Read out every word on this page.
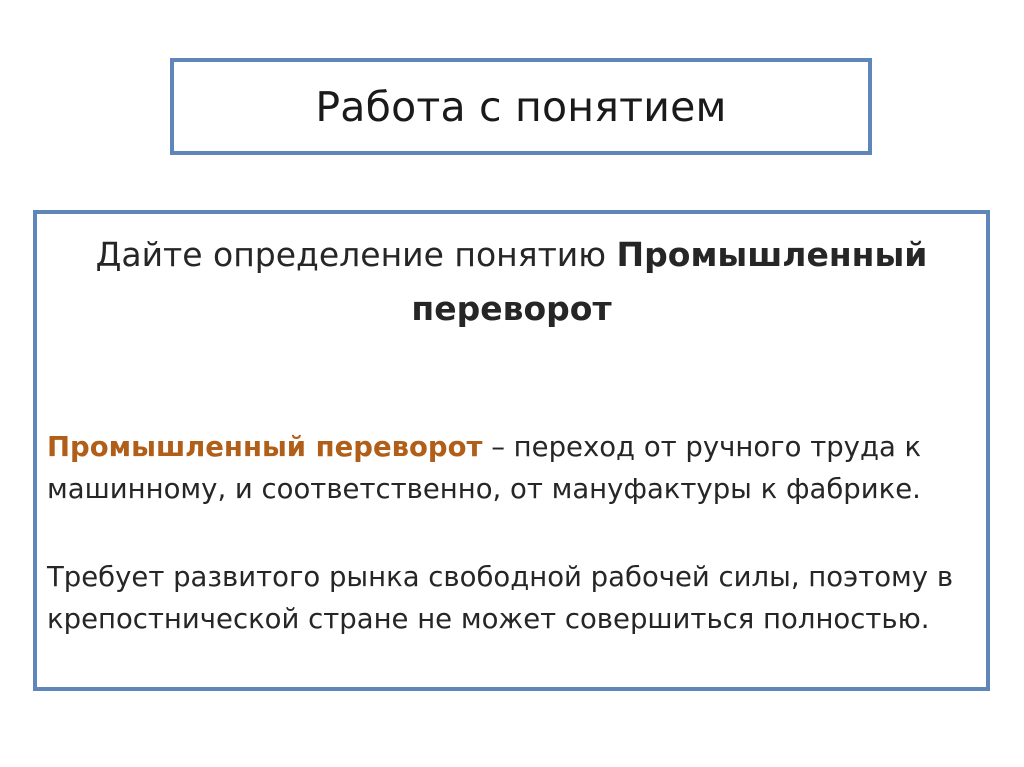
Работа с понятием
Дайте определение понятию Промышленный
переворот

Промышленный переворот – переход от ручного труда к машинному, и соответственно, от мануфактуры к фабрике.

Требует развитого рынка свободной рабочей силы, поэтому в крепостнической стране не может совершиться полностью.
